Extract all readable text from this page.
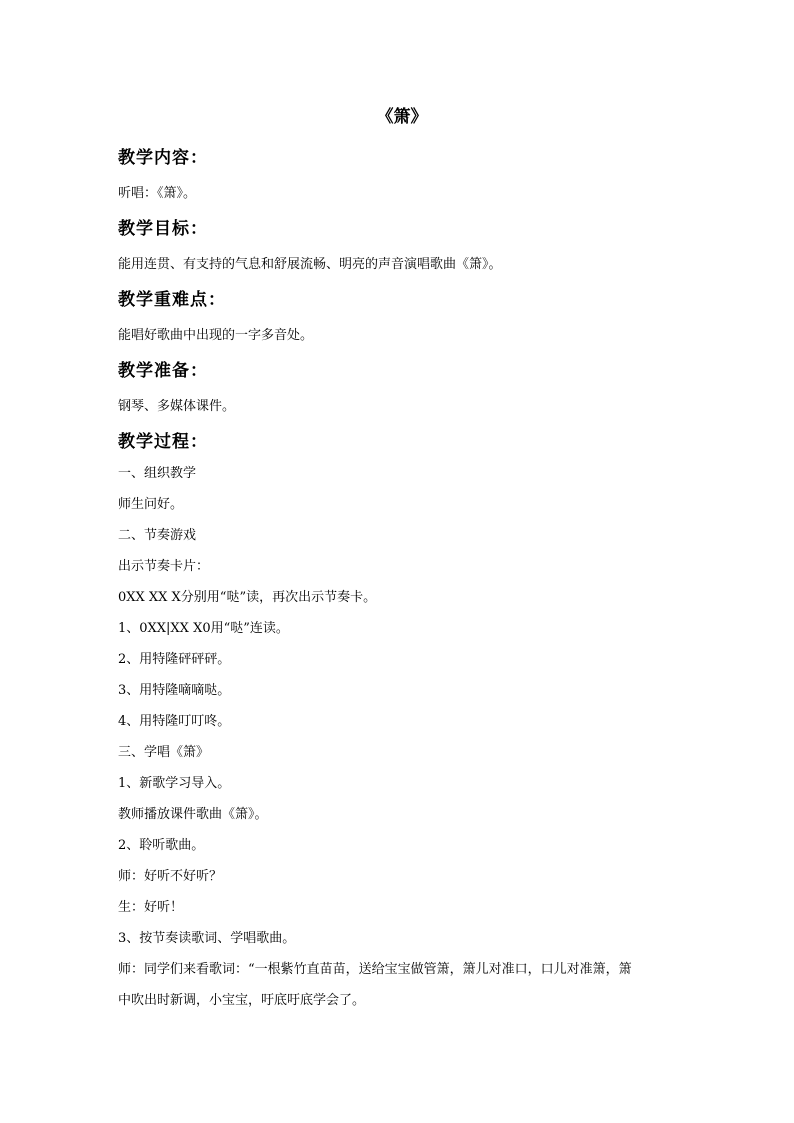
《箫》
教学内容：
听唱：《箫》。
教学目标：
能用连贯、有支持的气息和舒展流畅、明亮的声音演唱歌曲《箫》。
教学重难点：
能唱好歌曲中出现的一字多音处。
教学准备：
钢琴、多媒体课件。
教学过程：
一、组织教学
师生问好。
二、节奏游戏
出示节奏卡片：
0XX XX X分别用“哒”读，再次出示节奏卡。
1、0XX|XX X0用“哒”连读。
2、用特隆砰砰砰。
3、用特隆嘀嘀哒。
4、用特隆叮叮咚。
三、学唱《箫》
1、新歌学习导入。
教师播放课件歌曲《箫》。
2、聆听歌曲。
师：好听不好听？
生：好听！
3、按节奏读歌词、学唱歌曲。
师：同学们来看歌词：“一根紫竹直苗苗，送给宝宝做管箫，箫儿对准口，口儿对准箫，箫
中吹出时新调，小宝宝，吁底吁底学会了。
